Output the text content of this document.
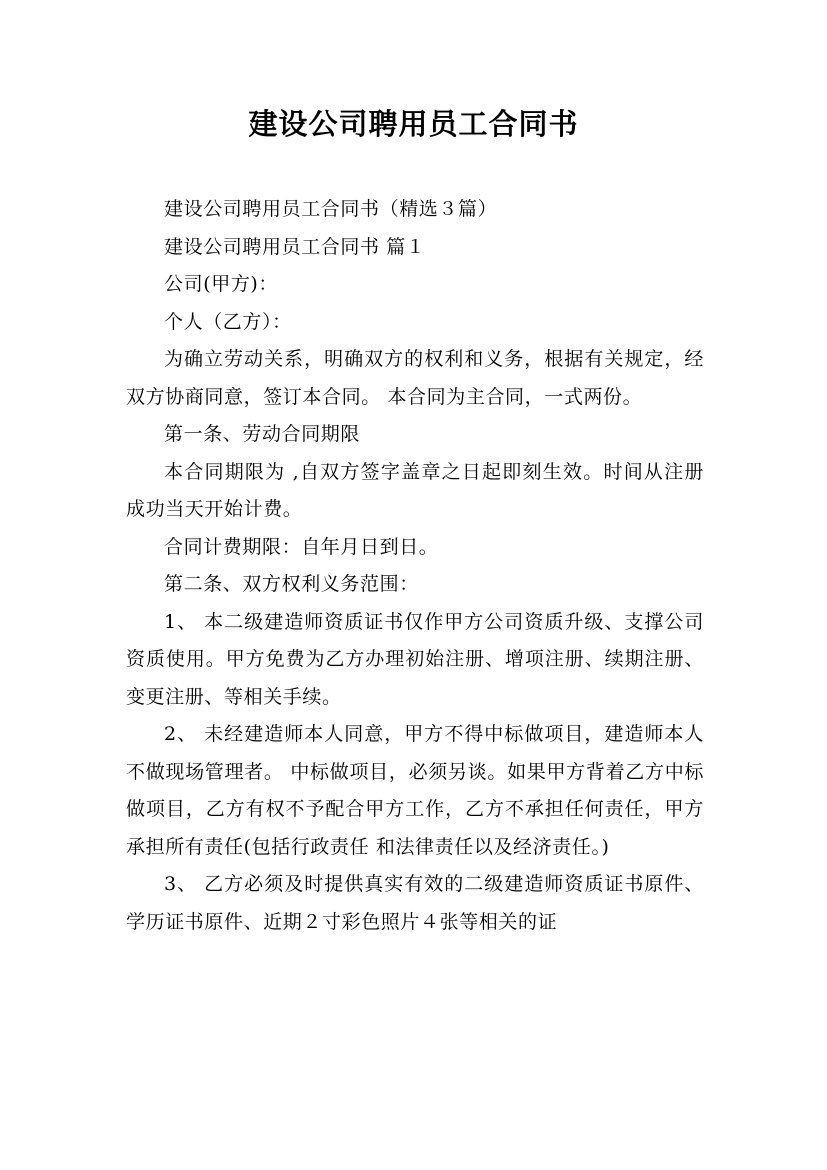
建设公司聘用员工合同书

建设公司聘用员工合同书（精选３篇）

建设公司聘用员工合同书 篇１

公司(甲方)：

个人（乙方）：

为确立劳动关系，明确双方的权利和义务，根据有关规定，经双方协商同意，签订本合同。 本合同为主合同，一式两份。

第一条、劳动合同期限

本合同期限为 ,自双方签字盖章之日起即刻生效。时间从注册成功当天开始计费。

合同计费期限：自年月日到日。

第二条、双方权利义务范围：

1、 本二级建造师资质证书仅作甲方公司资质升级、支撑公司资质使用。甲方免费为乙方办理初始注册、增项注册、续期注册、变更注册、等相关手续。

2、 未经建造师本人同意，甲方不得中标做项目，建造师本人不做现场管理者。 中标做项目，必须另谈。如果甲方背着乙方中标做项目，乙方有权不予配合甲方工作，乙方不承担任何责任，甲方承担所有责任(包括行政责任 和法律责任以及经济责任。)

3、 乙方必须及时提供真实有效的二级建造师资质证书原件、学历证书原件、近期２寸彩色照片４张等相关的证
